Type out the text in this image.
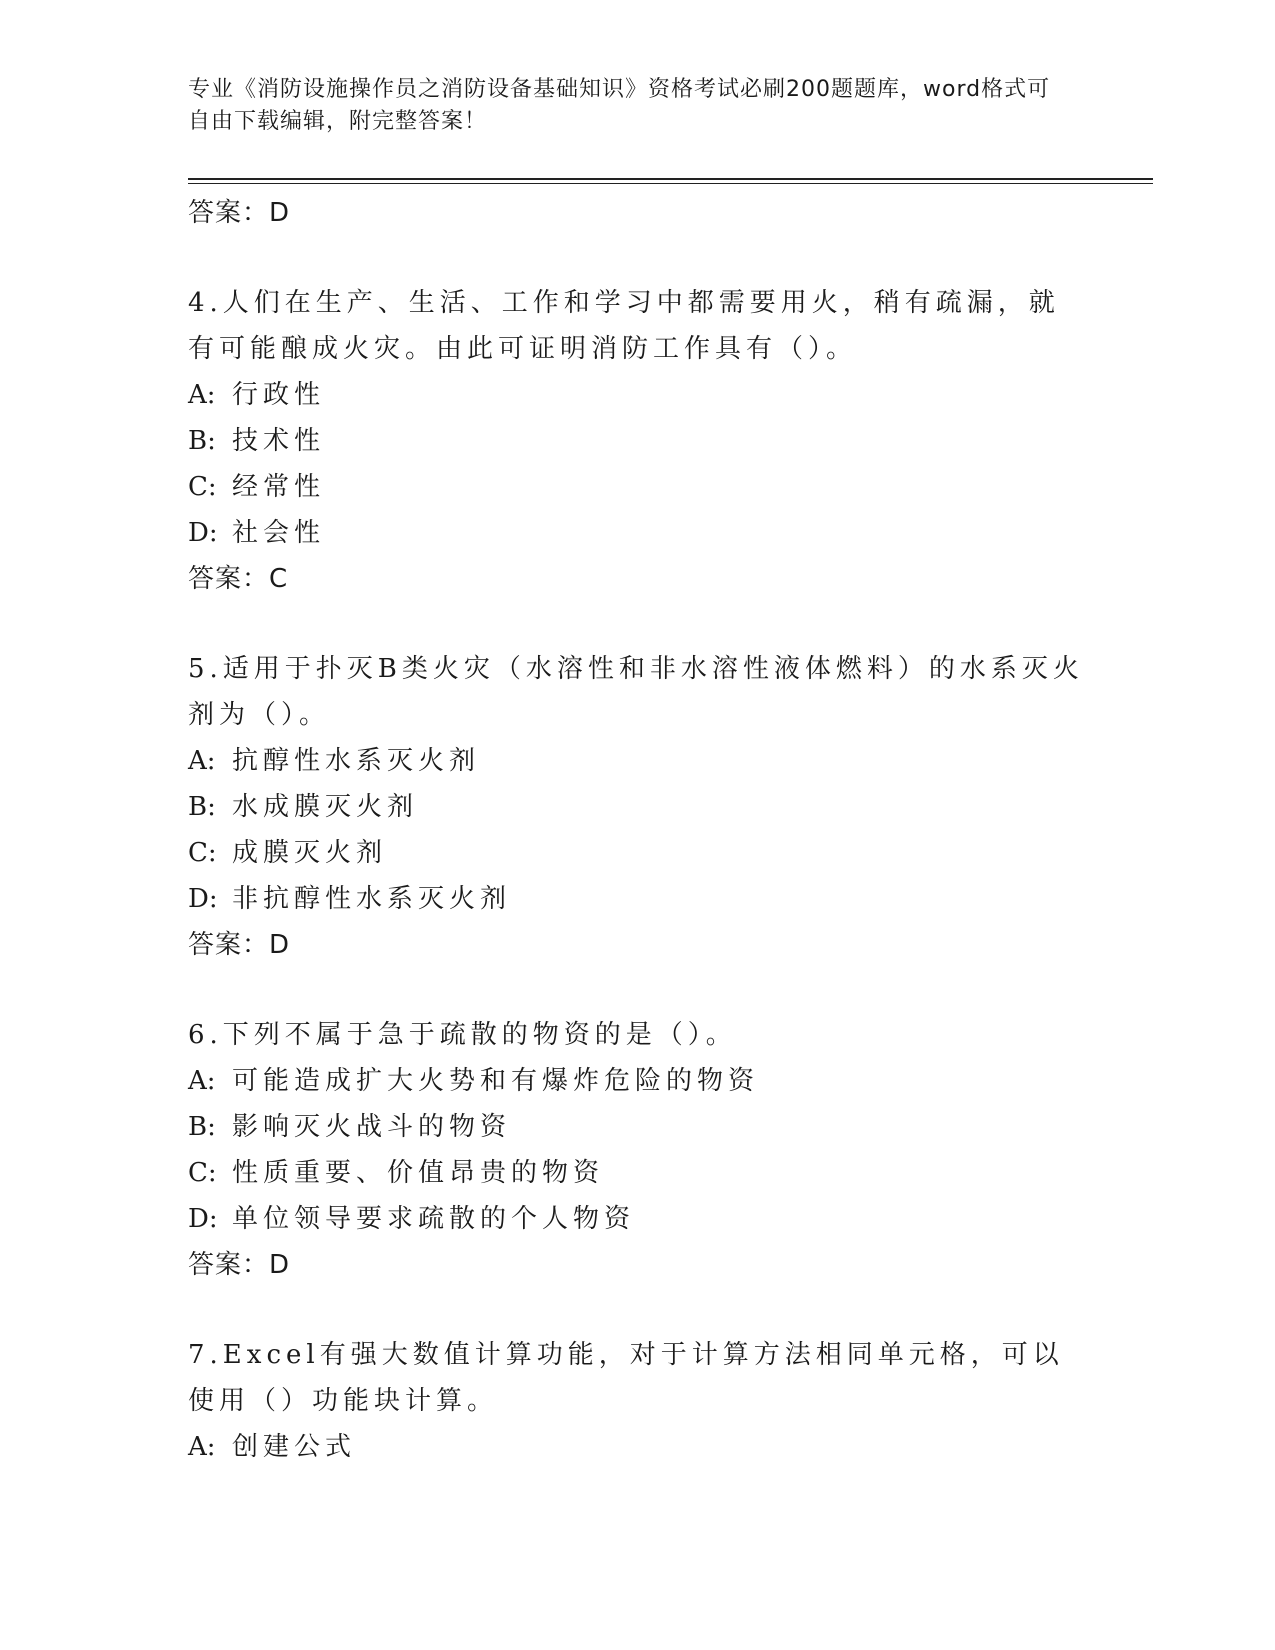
专业《消防设施操作员之消防设备基础知识》资格考试必刷200题题库，word格式可自由下载编辑，附完整答案！
答案：D
4.人们在生产、生活、工作和学习中都需要用火，稍有疏漏，就有可能酿成火灾。由此可证明消防工作具有（）。
A: 行政性
B: 技术性
C: 经常性
D: 社会性
答案：C
5.适用于扑灭B类火灾（水溶性和非水溶性液体燃料）的水系灭火剂为（）。
A: 抗醇性水系灭火剂
B: 水成膜灭火剂
C: 成膜灭火剂
D: 非抗醇性水系灭火剂
答案：D
6.下列不属于急于疏散的物资的是（）。
A: 可能造成扩大火势和有爆炸危险的物资
B: 影响灭火战斗的物资
C: 性质重要、价值昂贵的物资
D: 单位领导要求疏散的个人物资
答案：D
7.Excel有强大数值计算功能，对于计算方法相同单元格，可以使用（）功能块计算。
A: 创建公式
